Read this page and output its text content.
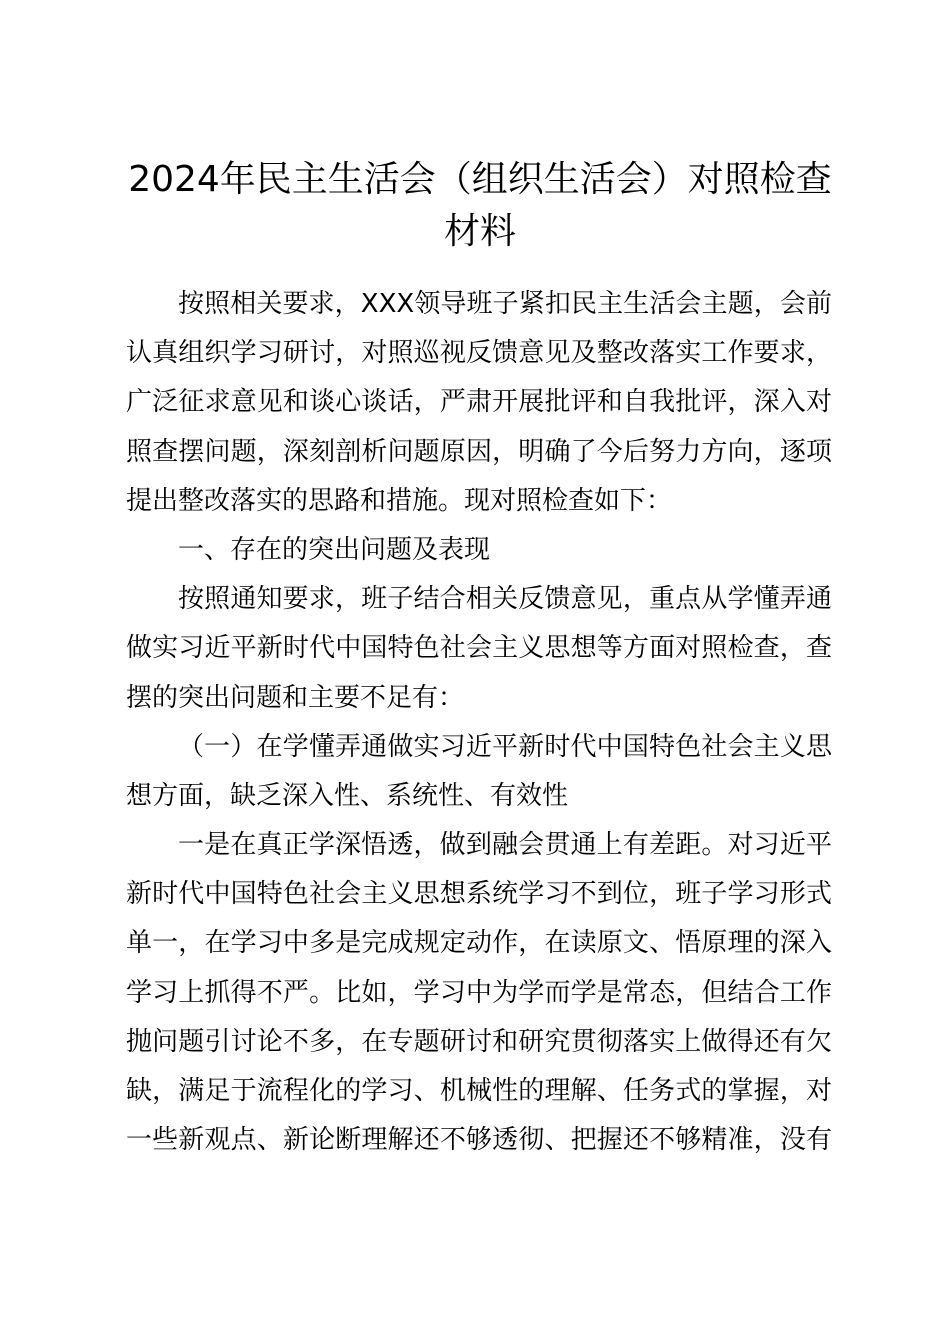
2024年民主生活会（组织生活会）对照检查
材料
按照相关要求，XXX领导班子紧扣民主生活会主题，会前
认真组织学习研讨，对照巡视反馈意见及整改落实工作要求，
广泛征求意见和谈心谈话，严肃开展批评和自我批评，深入对
照查摆问题，深刻剖析问题原因，明确了今后努力方向，逐项
提出整改落实的思路和措施。现对照检查如下：
一、存在的突出问题及表现
按照通知要求，班子结合相关反馈意见，重点从学懂弄通
做实习近平新时代中国特色社会主义思想等方面对照检查，查
摆的突出问题和主要不足有：
（一）在学懂弄通做实习近平新时代中国特色社会主义思
想方面，缺乏深入性、系统性、有效性
一是在真正学深悟透，做到融会贯通上有差距。对习近平
新时代中国特色社会主义思想系统学习不到位，班子学习形式
单一，在学习中多是完成规定动作，在读原文、悟原理的深入
学习上抓得不严。比如，学习中为学而学是常态，但结合工作
抛问题引讨论不多，在专题研讨和研究贯彻落实上做得还有欠
缺，满足于流程化的学习、机械性的理解、任务式的掌握，对
一些新观点、新论断理解还不够透彻、把握还不够精准，没有
